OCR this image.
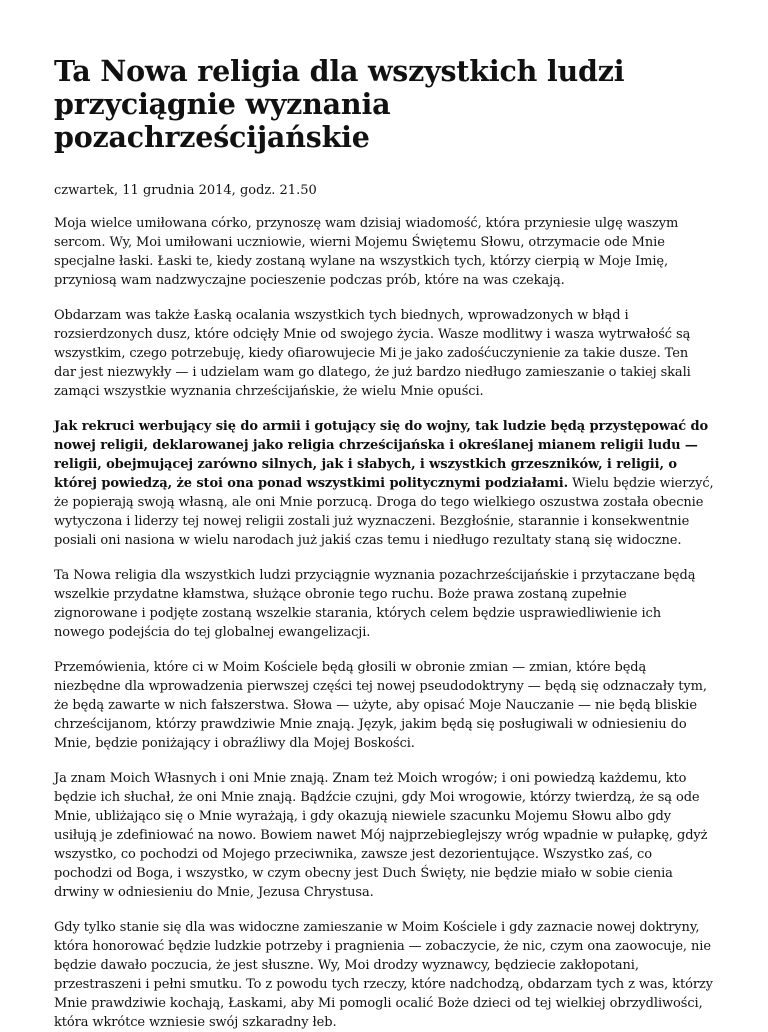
Ta Nowa religia dla wszystkich ludzi
przyciągnie wyznania pozachrześcijańskie

czwartek, 11 grudnia 2014, godz. 21.50

Moja wielce umiłowana córko, przynoszę wam dzisiaj wiadomość, która przyniesie ulgę waszym sercom. Wy, Moi umiłowani uczniowie, wierni Mojemu Świętemu Słowu, otrzymacie ode Mnie specjalne łaski. Łaski te, kiedy zostaną wylane na wszystkich tych, którzy cierpią w Moje Imię, przyniosą wam nadzwyczajne pocieszenie podczas prób, które na was czekają.

Obdarzam was także Łaską ocalania wszystkich tych biednych, wprowadzonych w błąd i rozsierdzonych dusz, które odcięły Mnie od swojego życia. Wasze modlitwy i wasza wytrwałość są wszystkim, czego potrzebuję, kiedy ofiarowujecie Mi je jako zadośćuczynienie za takie dusze. Ten dar jest niezwykły — i udzielam wam go dlatego, że już bardzo niedługo zamieszanie o takiej skali zamąci wszystkie wyznania chrześcijańskie, że wielu Mnie opuści.

Jak rekruci werbujący się do armii i gotujący się do wojny, tak ludzie będą przystępować do nowej religii, deklarowanej jako religia chrześcijańska i określanej mianem religii ludu — religii, obejmującej zarówno silnych, jak i słabych, i wszystkich grzeszników, i religii, o której powiedzą, że stoi ona ponad wszystkimi politycznymi podziałami. Wielu będzie wierzyć, że popierają swoją własną, ale oni Mnie porzucą. Droga do tego wielkiego oszustwa została obecnie wytyczona i liderzy tej nowej religii zostali już wyznaczeni. Bezgłośnie, starannie i konsekwentnie posiali oni nasiona w wielu narodach już jakiś czas temu i niedługo rezultaty staną się widoczne.

Ta Nowa religia dla wszystkich ludzi przyciągnie wyznania pozachrześcijańskie i przytaczane będą wszelkie przydatne kłamstwa, służące obronie tego ruchu. Boże prawa zostaną zupełnie zignorowane i podjęte zostaną wszelkie starania, których celem będzie usprawiedliwienie ich nowego podejścia do tej globalnej ewangelizacji.

Przemówienia, które ci w Moim Kościele będą głosili w obronie zmian — zmian, które będą niezbędne dla wprowadzenia pierwszej części tej nowej pseudodoktryny — będą się odznaczały tym, że będą zawarte w nich fałszerstwa. Słowa — użyte, aby opisać Moje Nauczanie — nie będą bliskie chrześcijanom, którzy prawdziwie Mnie znają. Język, jakim będą się posługiwali w odniesieniu do Mnie, będzie poniżający i obraźliwy dla Mojej Boskości.

Ja znam Moich Własnych i oni Mnie znają. Znam też Moich wrogów; i oni powiedzą każdemu, kto będzie ich słuchał, że oni Mnie znają. Bądźcie czujni, gdy Moi wrogowie, którzy twierdzą, że są ode Mnie, ubliżająco się o Mnie wyrażają, i gdy okazują niewiele szacunku Mojemu Słowu albo gdy usiłują je zdefiniować na nowo. Bowiem nawet Mój najprzebieglejszy wróg wpadnie w pułapkę, gdyż wszystko, co pochodzi od Mojego przeciwnika, zawsze jest dezorientujące. Wszystko zaś, co pochodzi od Boga, i wszystko, w czym obecny jest Duch Święty, nie będzie miało w sobie cienia drwiny w odniesieniu do Mnie, Jezusa Chrystusa.

Gdy tylko stanie się dla was widoczne zamieszanie w Moim Kościele i gdy zaznacie nowej doktryny, która honorować będzie ludzkie potrzeby i pragnienia — zobaczycie, że nic, czym ona zaowocuje, nie będzie dawało poczucia, że jest słuszne. Wy, Moi drodzy wyznawcy, będziecie zakłopotani, przestraszeni i pełni smutku. To z powodu tych rzeczy, które nadchodzą, obdarzam tych z was, którzy Mnie prawdziwie kochają, Łaskami, aby Mi pomogli ocalić Boże dzieci od tej wielkiej obrzydliwości, która wkrótce wzniesie swój szkaradny łeb.
